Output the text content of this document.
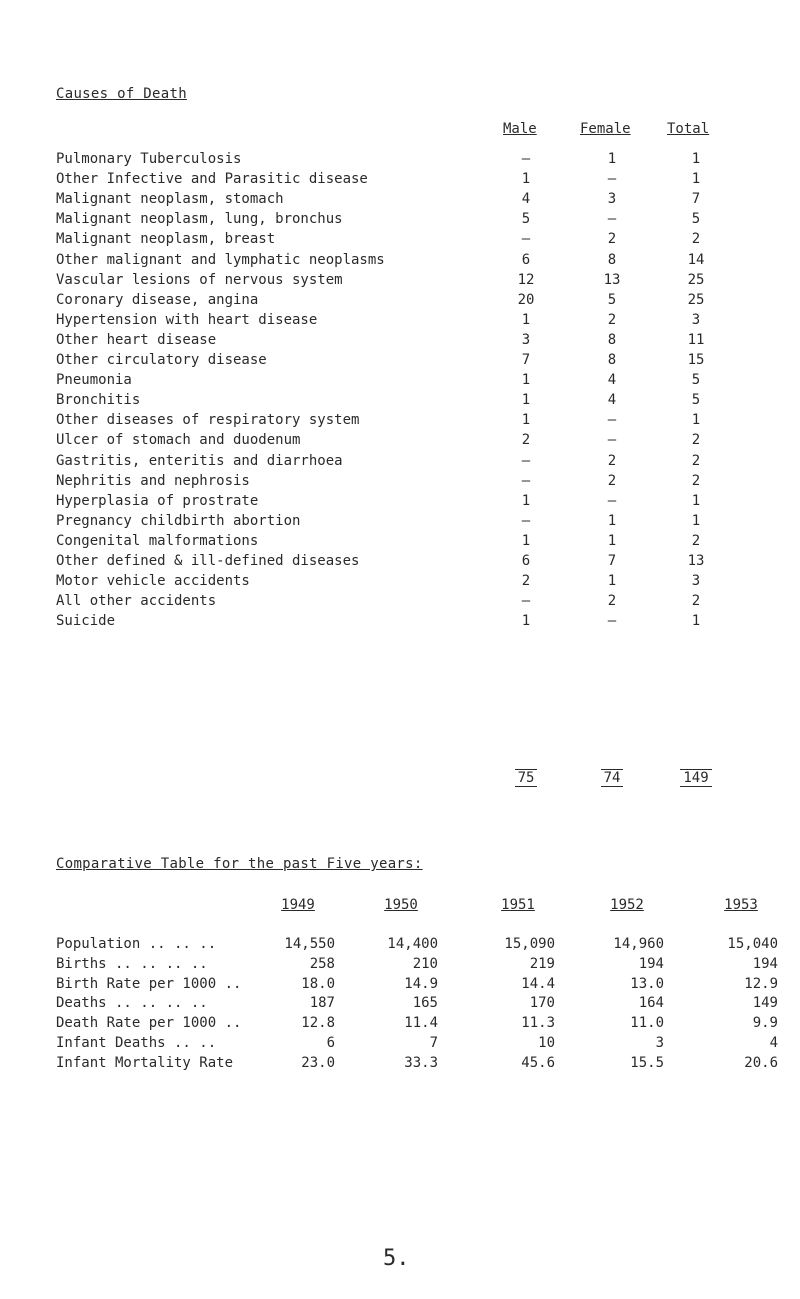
Causes of Death
Male	Female	Total
Pulmonary Tuberculosis	–	1	1
Other Infective and Parasitic disease	1	–	1
Malignant neoplasm, stomach	4	3	7
Malignant neoplasm, lung, bronchus	5	–	5
Malignant neoplasm, breast	–	2	2
Other malignant and lymphatic neoplasms	6	8	14
Vascular lesions of nervous system	12	13	25
Coronary disease, angina	20	5	25
Hypertension with heart disease	1	2	3
Other heart disease	3	8	11
Other circulatory disease	7	8	15
Pneumonia	1	4	5
Bronchitis	1	4	5
Other diseases of respiratory system	1	–	1
Ulcer of stomach and duodenum	2	–	2
Gastritis, enteritis and diarrhoea	–	2	2
Nephritis and nephrosis	–	2	2
Hyperplasia of prostrate	1	–	1
Pregnancy childbirth abortion	–	1	1
Congenital malformations	1	1	2
Other defined & ill-defined diseases	6	7	13
Motor vehicle accidents	2	1	3
All other accidents	–	2	2
Suicide	1	–	1
75	74	149
Comparative Table for the past Five years:
1949	1950	1951	1952	1953
Population .. .. ..	14,550	14,400	15,090	14,960	15,040
Births .. .. .. ..	258	210	219	194	194
Birth Rate per 1000 ..	18.0	14.9	14.4	13.0	12.9
Deaths .. .. .. ..	187	165	170	164	149
Death Rate per 1000 ..	12.8	11.4	11.3	11.0	9.9
Infant Deaths .. ..	6	7	10	3	4
Infant Mortality Rate	23.0	33.3	45.6	15.5	20.6
5.
